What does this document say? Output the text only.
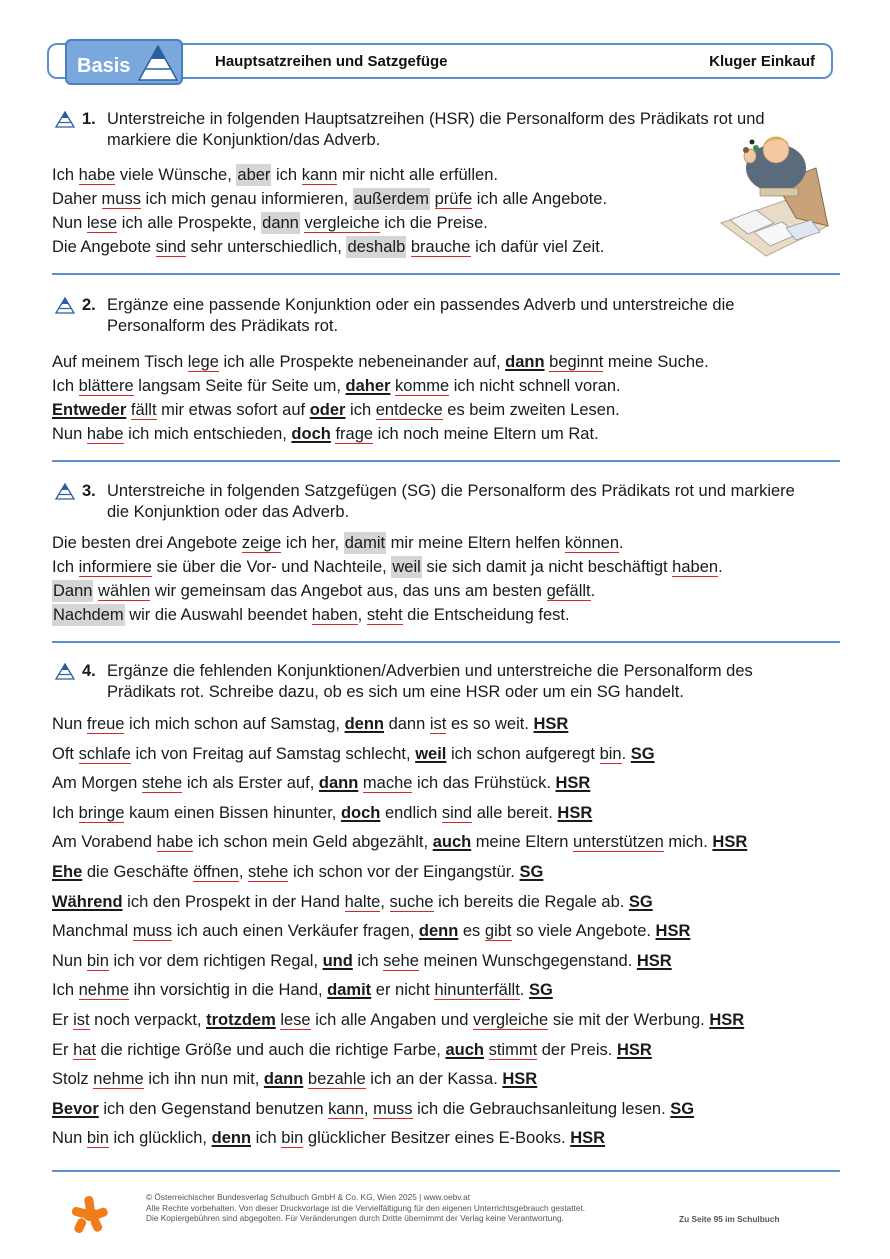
Basis	Hauptsatzreihen und Satzgefüge	Kluger Einkauf
1. Unterstreiche in folgenden Hauptsatzreihen (HSR) die Personalform des Prädikats rot und markiere die Konjunktion/das Adverb.
Ich habe viele Wünsche, aber ich kann mir nicht alle erfüllen.
Daher muss ich mich genau informieren, außerdem prüfe ich alle Angebote.
Nun lese ich alle Prospekte, dann vergleiche ich die Preise.
Die Angebote sind sehr unterschiedlich, deshalb brauche ich dafür viel Zeit.
2. Ergänze eine passende Konjunktion oder ein passendes Adverb und unterstreiche die Personalform des Prädikats rot.
Auf meinem Tisch lege ich alle Prospekte nebeneinander auf, dann beginnt meine Suche.
Ich blättere langsam Seite für Seite um, daher komme ich nicht schnell voran.
Entweder fällt mir etwas sofort auf oder ich entdecke es beim zweiten Lesen.
Nun habe ich mich entschieden, doch frage ich noch meine Eltern um Rat.
3. Unterstreiche in folgenden Satzgefügen (SG) die Personalform des Prädikats rot und markiere die Konjunktion oder das Adverb.
Die besten drei Angebote zeige ich her, damit mir meine Eltern helfen können.
Ich informiere sie über die Vor- und Nachteile, weil sie sich damit ja nicht beschäftigt haben.
Dann wählen wir gemeinsam das Angebot aus, das uns am besten gefällt.
Nachdem wir die Auswahl beendet haben, steht die Entscheidung fest.
4. Ergänze die fehlenden Konjunktionen/Adverbien und unterstreiche die Personalform des Prädikats rot. Schreibe dazu, ob es sich um eine HSR oder um ein SG handelt.
Nun freue ich mich schon auf Samstag, denn dann ist es so weit. HSR
Oft schlafe ich von Freitag auf Samstag schlecht, weil ich schon aufgeregt bin. SG
Am Morgen stehe ich als Erster auf, dann mache ich das Frühstück. HSR
Ich bringe kaum einen Bissen hinunter, doch endlich sind alle bereit. HSR
Am Vorabend habe ich schon mein Geld abgezählt, auch meine Eltern unterstützen mich. HSR
Ehe die Geschäfte öffnen, stehe ich schon vor der Eingangstür. SG
Während ich den Prospekt in der Hand halte, suche ich bereits die Regale ab. SG
Manchmal muss ich auch einen Verkäufer fragen, denn es gibt so viele Angebote. HSR
Nun bin ich vor dem richtigen Regal, und ich sehe meinen Wunschgegenstand. HSR
Ich nehme ihn vorsichtig in die Hand, damit er nicht hinunterfällt. SG
Er ist noch verpackt, trotzdem lese ich alle Angaben und vergleiche sie mit der Werbung. HSR
Er hat die richtige Größe und auch die richtige Farbe, auch stimmt der Preis. HSR
Stolz nehme ich ihn nun mit, dann bezahle ich an der Kassa. HSR
Bevor ich den Gegenstand benutzen kann, muss ich die Gebrauchsanleitung lesen. SG
Nun bin ich glücklich, denn ich bin glücklicher Besitzer eines E-Books. HSR
© Österreichischer Bundesverlag Schulbuch GmbH & Co. KG, Wien 2025 | www.oebv.at
Alle Rechte vorbehalten. Von dieser Druckvorlage ist die Vervielfältigung für den eigenen Unterrichtsgebrauch gestattet.
Die Kopiergebühren sind abgegolten. Für Veränderungen durch Dritte übernimmt der Verlag keine Verantwortung.	Zu Seite 95 im Schulbuch
